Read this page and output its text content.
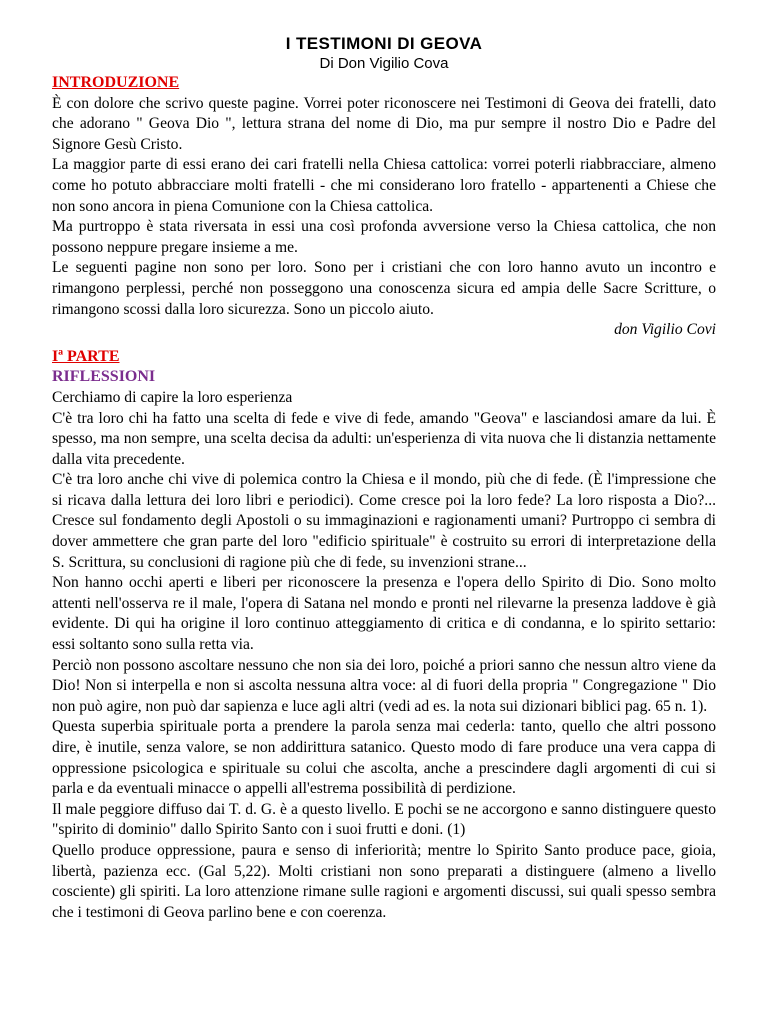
I TESTIMONI DI GEOVA
Di Don Vigilio Cova
INTRODUZIONE

È con dolore che scrivo queste pagine. Vorrei poter riconoscere nei Testimoni di Geova dei fratelli, dato che adorano " Geova Dio ", lettura strana del nome di Dio, ma pur sempre il nostro Dio e Padre del Signore Gesù Cristo.

La maggior parte di essi erano dei cari fratelli nella Chiesa cattolica: vorrei poterli riabbracciare, almeno come ho potuto abbracciare molti fratelli - che mi considerano loro fratello - appartenenti a Chiese che non sono ancora in piena Comunione con la Chiesa cattolica.

Ma purtroppo è stata riversata in essi una così profonda avversione verso la Chiesa cattolica, che non possono neppure pregare insieme a me.

Le seguenti pagine non sono per loro. Sono per i cristiani che con loro hanno avuto un incontro e rimangono perplessi, perché non posseggono una conoscenza sicura ed ampia delle Sacre Scritture, o rimangono scossi dalla loro sicurezza. Sono un piccolo aiuto.

don Vigilio Covi

Iª PARTE
RIFLESSIONI

Cerchiamo di capire la loro esperienza

C'è tra loro chi ha fatto una scelta di fede e vive di fede, amando "Geova" e lasciandosi amare da lui. È spesso, ma non sempre, una scelta decisa da adulti: un'esperienza di vita nuova che li distanzia nettamente dalla vita precedente.

C'è tra loro anche chi vive di polemica contro la Chiesa e il mondo, più che di fede. (È l'impressione che si ricava dalla lettura dei loro libri e periodici). Come cresce poi la loro fede? La loro risposta a Dio?... Cresce sul fondamento degli Apostoli o su immaginazioni e ragionamenti umani? Purtroppo ci sembra di dover ammettere che gran parte del loro "edificio spirituale" è costruito su errori di interpretazione della S. Scrittura, su conclusioni di ragione più che di fede, su invenzioni strane...

Non hanno occhi aperti e liberi per riconoscere la presenza e l'opera dello Spirito di Dio. Sono molto attenti nell'osserva re il male, l'opera di Satana nel mondo e pronti nel rilevarne la presenza laddove è già evidente. Di qui ha origine il loro continuo atteggiamento di critica e di condanna, e lo spirito settario: essi soltanto sono sulla retta via.

Perciò non possono ascoltare nessuno che non sia dei loro, poiché a priori sanno che nessun altro viene da Dio! Non si interpella e non si ascolta nessuna altra voce: al di fuori della propria " Congregazione " Dio non può agire, non può dar sapienza e luce agli altri (vedi ad es. la nota sui dizionari biblici pag. 65 n. 1).

Questa superbia spirituale porta a prendere la parola senza mai cederla: tanto, quello che altri possono dire, è inutile, senza valore, se non addirittura satanico. Questo modo di fare produce una vera cappa di oppressione psicologica e spirituale su colui che ascolta, anche a prescindere dagli argomenti di cui si parla e da eventuali minacce o appelli all'estrema possibilità di perdizione.

Il male peggiore diffuso dai T. d. G. è a questo livello. E pochi se ne accorgono e sanno distinguere questo "spirito di dominio" dallo Spirito Santo con i suoi frutti e doni. (1)

Quello produce oppressione, paura e senso di inferiorità; mentre lo Spirito Santo produce pace, gioia, libertà, pazienza ecc. (Gal 5,22). Molti cristiani non sono preparati a distinguere (almeno a livello cosciente) gli spiriti. La loro attenzione rimane sulle ragioni e argomenti discussi, sui quali spesso sembra che i testimoni di Geova parlino bene e con coerenza.
